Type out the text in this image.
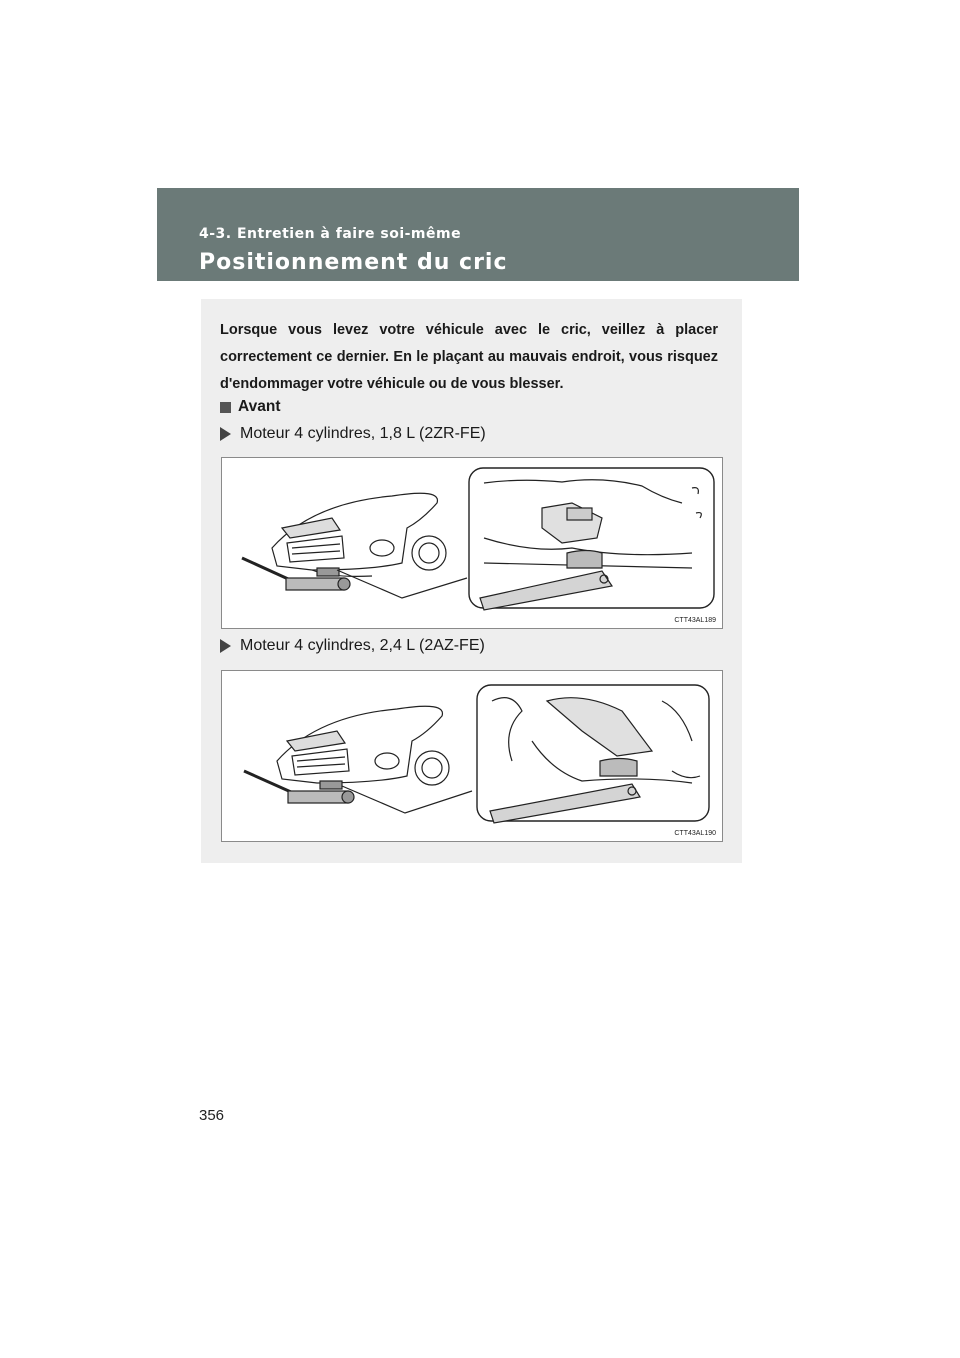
4-3. Entretien à faire soi-même
Positionnement du cric
Lorsque vous levez votre véhicule avec le cric, veillez à placer correctement ce dernier. En le plaçant au mauvais endroit, vous risquez d'endommager votre véhicule ou de vous blesser.
Avant
Moteur 4 cylindres, 1,8 L (2ZR-FE)
CTT43AL189
Moteur 4 cylindres, 2,4 L (2AZ-FE)
CTT43AL190
356
